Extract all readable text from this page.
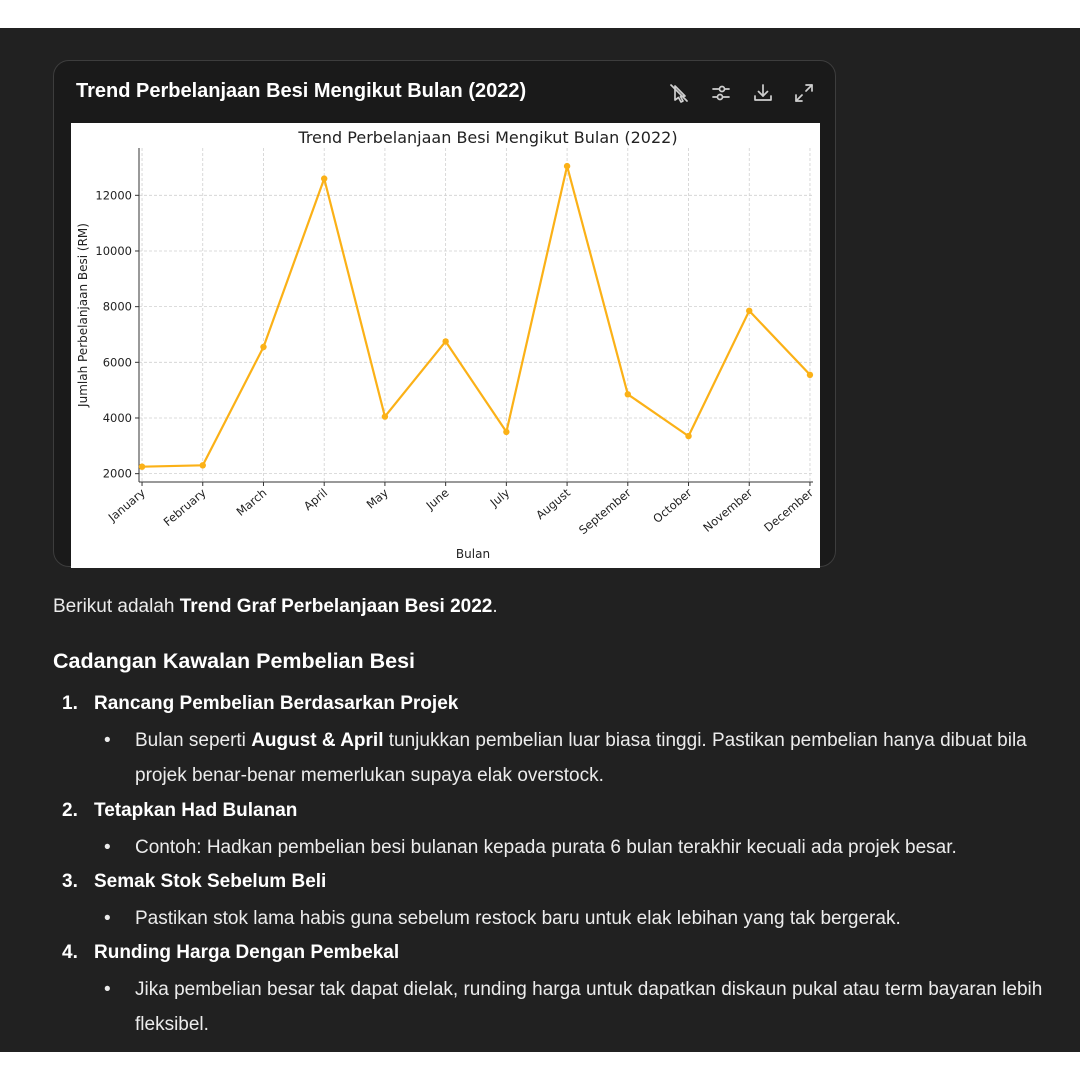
Trend Perbelanjaan Besi Mengikut Bulan (2022)
Trend Perbelanjaan Besi Mengikut Bulan (2022)
2000
4000
6000
8000
10000
12000
January February March	April	May	June	July August September October November December
Bulan
Jumlah Perbelanjaan Besi (RM)
Berikut adalah Trend Graf Perbelanjaan Besi 2022.
Cadangan Kawalan Pembelian Besi
1. Rancang Pembelian Berdasarkan Projek
•	Bulan seperti August & April tunjukkan pembelian luar biasa tinggi. Pastikan pembelian hanya dibuat bila projek benar-benar memerlukan supaya elak overstock.
2. Tetapkan Had Bulanan
•	Contoh: Hadkan pembelian besi bulanan kepada purata 6 bulan terakhir kecuali ada projek besar.
3. Semak Stok Sebelum Beli
•	Pastikan stok lama habis guna sebelum restock baru untuk elak lebihan yang tak bergerak.
4. Runding Harga Dengan Pembekal
•	Jika pembelian besar tak dapat dielak, runding harga untuk dapatkan diskaun pukal atau term bayaran lebih fleksibel.
